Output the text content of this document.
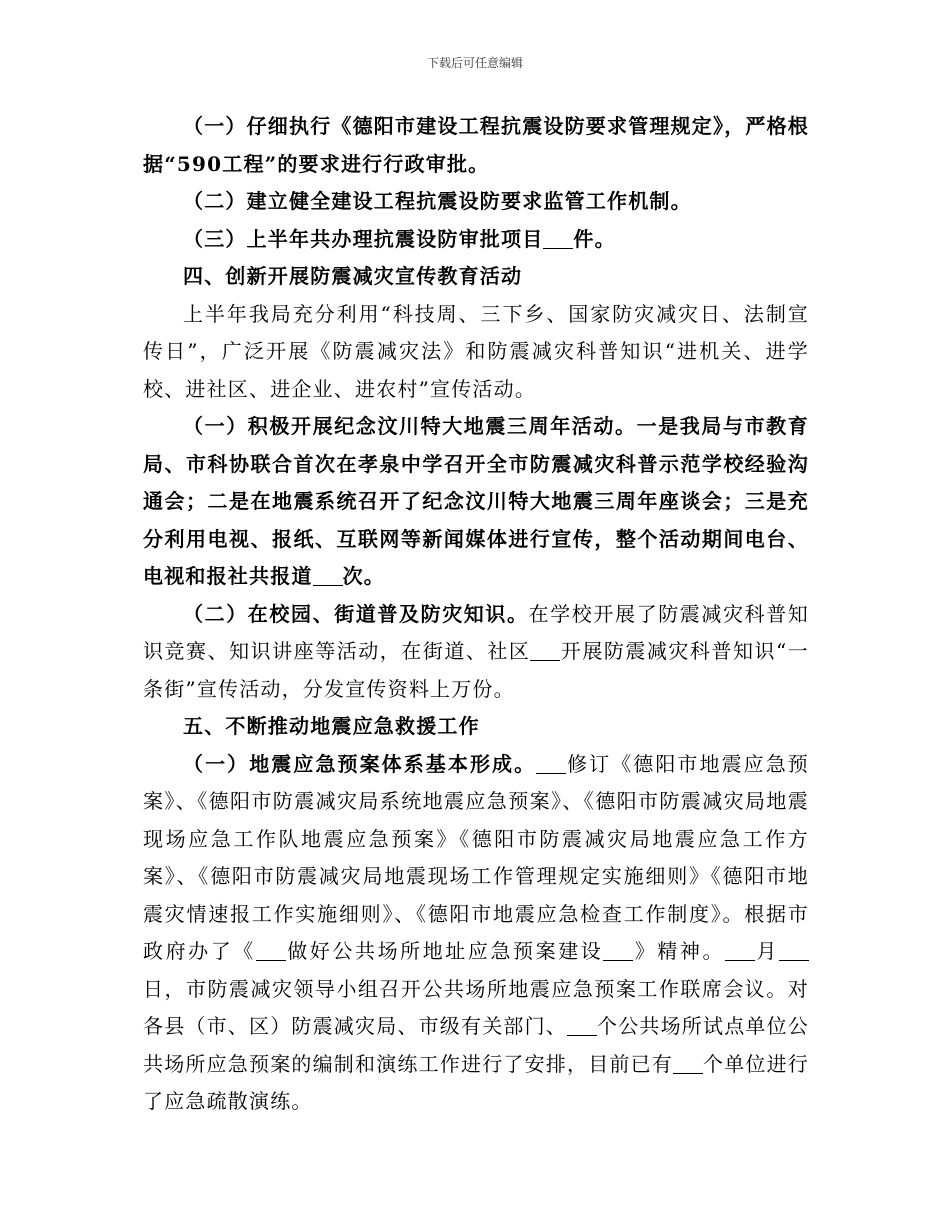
下载后可任意编辑

（一）仔细执行《德阳市建设工程抗震设防要求管理规定》，严格根据“590工程”的要求进行行政审批。

（二）建立健全建设工程抗震设防要求监管工作机制。

（三）上半年共办理抗震设防审批项目 件。

四、创新开展防震减灾宣传教育活动

上半年我局充分利用“科技周、三下乡、国家防灾减灾日、法制宣传日”，广泛开展《防震减灾法》和防震减灾科普知识“进机关、进学校、进社区、进企业、进农村”宣传活动。

（一）积极开展纪念汶川特大地震三周年活动。一是我局与市教育局、市科协联合首次在孝泉中学召开全市防震减灾科普示范学校经验沟通会；二是在地震系统召开了纪念汶川特大地震三周年座谈会；三是充分利用电视、报纸、互联网等新闻媒体进行宣传，整个活动期间电台、电视和报社共报道 次。

（二）在校园、街道普及防灾知识。在学校开展了防震减灾科普知识竞赛、知识讲座等活动，在街道、社区 开展防震减灾科普知识“一条街”宣传活动，分发宣传资料上万份。

五、不断推动地震应急救援工作

（一）地震应急预案体系基本形成。 修订《德阳市地震应急预案》、《德阳市防震减灾局系统地震应急预案》、《德阳市防震减灾局地震现场应急工作队地震应急预案》《德阳市防震减灾局地震应急工作方案》、《德阳市防震减灾局地震现场工作管理规定实施细则》《德阳市地震灾情速报工作实施细则》、《德阳市地震应急检查工作制度》。根据市政府办了《 做好公共场所地址应急预案建设 》精神。 月日，市防震减灾领导小组召开公共场所地震应急预案工作联席会议。对各县（市、区）防震减灾局、市级有关部门、 个公共场所试点单位公共场所应急预案的编制和演练工作进行了安排，目前已有 个单位进行了应急疏散演练。
